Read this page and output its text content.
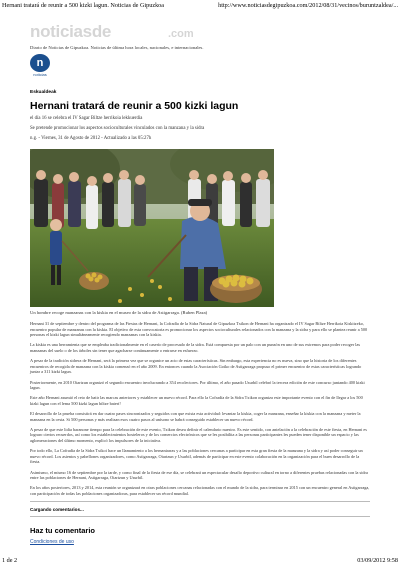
Hernani tratará de reunir a 500 kizki lagun. Noticias de Gipuzkoa	http://www.noticiasdegipuzkoa.com/2012/08/31/vecinos/buruntzaldea/...
noticiasde	.com
Diario de Noticias de Gipuzkoa. Noticias de última hora locales, nacionales, e internacionales.
n
noticias
Eskualdeak
Hernani tratará de reunir a 500 kizki lagun
el día 16 se celebra el IV Sagar Biltze herrikoia lekkuerdia
Se pretende promocionar los aspectos socioculturales vinculados con la manzana y la sidra
n.g. - Viernes, 31 de Agosto de 2012 - Actualizado a las 05:27h
Un hombre recoge manzanas con la kiskia en el museo de la sidra de Astigarraga. (Ruben Plaza)

Hernani 31 de septiembre y dentro del programa de las Fiestas de Hernani, la Cofradía de la Sidra Natural de Gipuzkoa Txikon de Hernani ha organizado el IV Sagar Biltze Herrikoia Kiskitzeko, encuentro popular de manzanas con la kiskia. El objetivo de esta convocatoria es promocionar los aspectos socioculturales relacionados con la manzana y la sidra y para ello se plantea reunir a 500 personas el kizki lagun simultáneamente recogiendo manzanas con la kiskia.

La kiskia es una herramienta que se empleaba tradicionalmente en el caserío de procesado de la sidra. Está compuesta por un palo con un punzón en uno de sus extremos para poder recoger las manzanas del suelo o de los árboles sin tener que agacharse continuamente o entrarse en esfuerzo.

A pesar de la tradición sidrera de Hernani, será la primera vez que se organice un acto de estas características. Sin embargo, esta experiencia no es nueva, sino que la historia de los diferentes encuentros de recogida de manzana con la kiskia comenzó en el año 2009. En entonces cuando la Asociación Goiko de Astigarraga propuso el primer encuentro de estas características logrando juntar a 311 kizki lagun.

Posteriormente, en 2010 Oiartzun organizó el segundo encuentro involucrando a 354 recolectores. Por último, el año pasado Usurbil celebró la tercera edición de este concurso juntando 400 kizki lagun.

Este año Hernani asumió el reto de batir las marcas anteriores y establecer un nuevo récord. Para ello la Cofradía de la Sidra Txikon organiza este importante evento con el fin de llegar a los 500 kizki lagun con el lema 500 kizki lagun biltze bateri!

El desarrollo de la prueba consistirá en dar cuatro pases sincronizados y seguidos con que exista esta actividad: levantar la kiskia, coger la manzana, enseñar la kiskia con la manzana y meter la manzana en la cesta. Si 500 personas y más realizan esos cuatro pasos al unísono se habrá conseguido establecer un nuevo récord.

A pesar de que este lidia baranone tiempo para la celebración de este evento, Txikon desea definir el calendario nuestro. Es este sentido, con antelación a la celebración de este fiesta, en Hernani es lograro ciertos recuerdos, así como los establecimientos hosteleros y de los comercios electrónicos que se les posibilita a las personas participantes les pueden tener disponible un espacio y las aglomeraciones del último momento, explicó los impulsores de la iniciativa.

Por todo ello, La Cofradía de la Sidra Txikoi hace un llamamiento a los hernaniarras y a las poblaciones cercanas a participar en esta gran fiesta de la manzana y la sidra y así poder conseguir un nuevo récord. Los asientos y pabellones organizadores, como Astigarraga, Oiartzun y Usurbil, además de participar en este evento colaboración en la organización para el buen desarrollo de la fiesta.

Asimismo, el mismo 16 de septiembre por la tarde, y como final de la fiesta de ese día, se celebrará un espectacular desafío deportivo cultural en torno a diferentes pruebas relacionadas con la sidra entre las poblaciones de Hernani, Astigarraga, Oiartzun y Usurbil.

En los años posteriores, 2013 y 2014, esta reunión se organizará en otras poblaciones cercanas relacionadas con el mundo de la sidra, para terminar en 2015 con un encuentro general en Astigarraga, con participación de todas las poblaciones organizadoras, para establecer un récord mundial.

Cargando comentarios...
Haz tu comentario
Condiciones de uso
1 de 2	03/09/2012 9:58
